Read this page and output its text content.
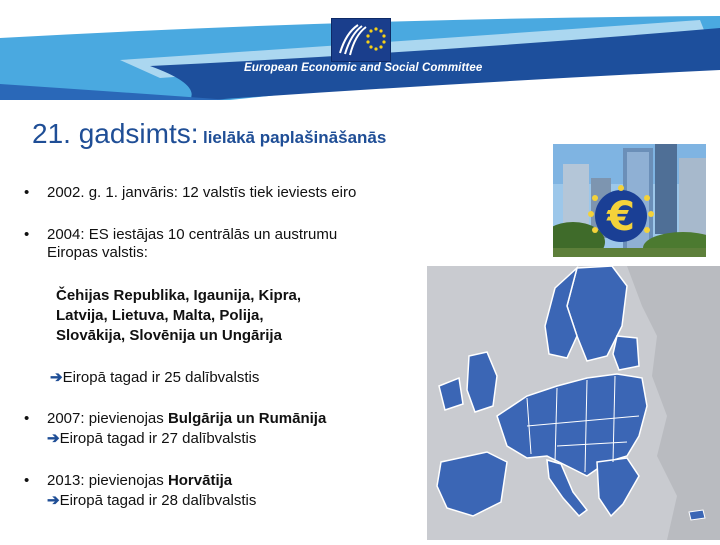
European Economic and Social Committee
21. gadsimts: lielākā paplašināšanās
• 2002. g. 1. janvāris: 12 valstīs tiek ieviests eiro
• 2004: ES iestājas 10 centrālās un austrumu
Eiropas valstis:
Čehijas Republika, Igaunija, Kipra,
Latvija, Lietuva, Malta, Polija,
Slovākija, Slovēnija un Ungārija
➔Eiropā tagad ir 25 dalībvalstis
• 2007: pievienojas Bulgārija un Rumānija
➔Eiropā tagad ir 27 dalībvalstis
• 2013: pievienojas Horvātija
➔Eiropā tagad ir 28 dalībvalstis
€
